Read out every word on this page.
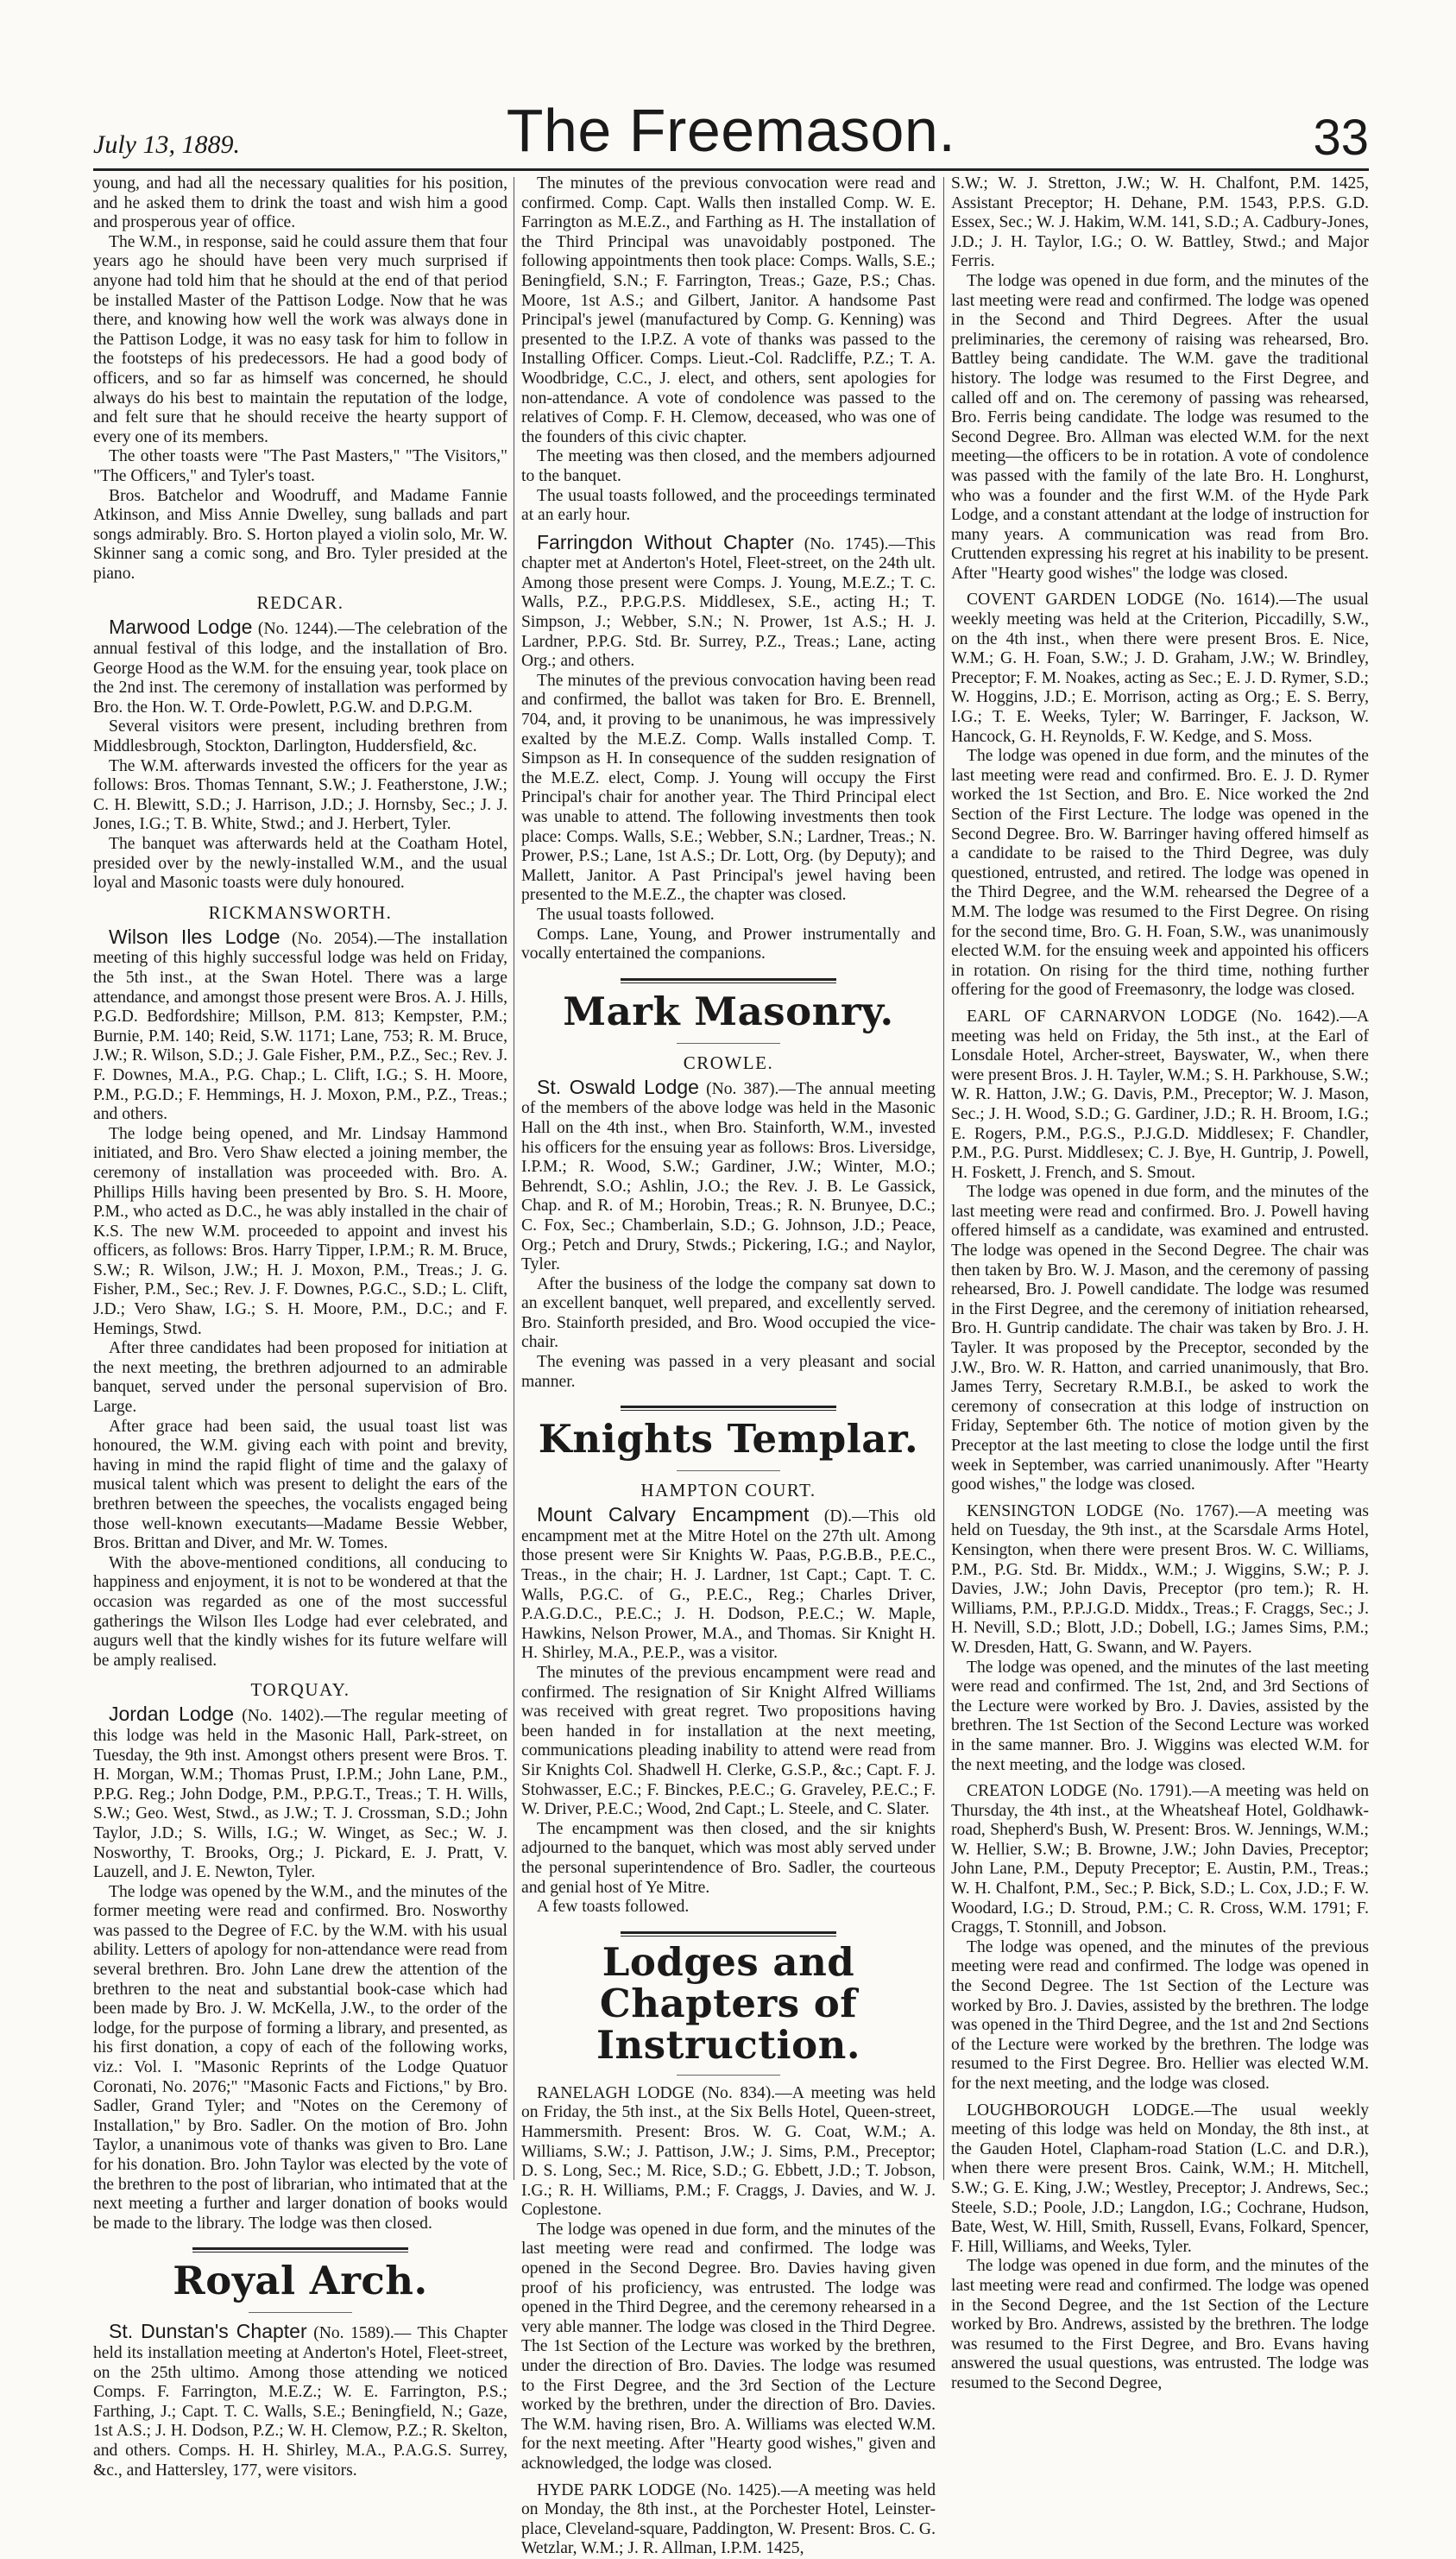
July 13, 1889.	The Freemason.	33

young, and had all the necessary qualities for his position, and he asked them to drink the toast and wish him a good and prosperous year of office.

The W.M., in response, said he could assure them that four years ago he should have been very much surprised if anyone had told him that he should at the end of that period be installed Master of the Pattison Lodge. Now that he was there, and knowing how well the work was always done in the Pattison Lodge, it was no easy task for him to follow in the footsteps of his predecessors. He had a good body of officers, and so far as himself was concerned, he should always do his best to maintain the reputation of the lodge, and felt sure that he should receive the hearty support of every one of its members.

The other toasts were "The Past Masters," "The Visitors," "The Officers," and Tyler's toast.

Bros. Batchelor and Woodruff, and Madame Fannie Atkinson, and Miss Annie Dwelley, sung ballads and part songs admirably. Bro. S. Horton played a violin solo, Mr. W. Skinner sang a comic song, and Bro. Tyler presided at the piano.

REDCAR.

Marwood Lodge (No. 1244).—The celebration of the annual festival of this lodge, and the installation of Bro. George Hood as the W.M. for the ensuing year, took place on the 2nd inst. The ceremony of installation was performed by Bro. the Hon. W. T. Orde-Powlett, P.G.W. and D.P.G.M.

Several visitors were present, including brethren from Middlesbrough, Stockton, Darlington, Huddersfield, &c.

The W.M. afterwards invested the officers for the year as follows: Bros. Thomas Tennant, S.W.; J. Featherstone, J.W.; C. H. Blewitt, S.D.; J. Harrison, J.D.; J. Hornsby, Sec.; J. J. Jones, I.G.; T. B. White, Stwd.; and J. Herbert, Tyler.

The banquet was afterwards held at the Coatham Hotel, presided over by the newly-installed W.M., and the usual loyal and Masonic toasts were duly honoured.

RICKMANSWORTH.

Wilson Iles Lodge (No. 2054).—The installation meeting of this highly successful lodge was held on Friday, the 5th inst., at the Swan Hotel. There was a large attendance, and amongst those present were Bros. A. J. Hills, P.G.D. Bedfordshire; Millson, P.M. 813; Kempster, P.M.; Burnie, P.M. 140; Reid, S.W. 1171; Lane, 753; R. M. Bruce, J.W.; R. Wilson, S.D.; J. Gale Fisher, P.M., P.Z., Sec.; Rev. J. F. Downes, M.A., P.G. Chap.; L. Clift, I.G.; S. H. Moore, P.M., P.G.D.; F. Hemmings, H. J. Moxon, P.M., P.Z., Treas.; and others.

The lodge being opened, and Mr. Lindsay Hammond initiated, and Bro. Vero Shaw elected a joining member, the ceremony of installation was proceeded with. Bro. A. Phillips Hills having been presented by Bro. S. H. Moore, P.M., who acted as D.C., he was ably installed in the chair of K.S. The new W.M. proceeded to appoint and invest his officers, as follows: Bros. Harry Tipper, I.P.M.; R. M. Bruce, S.W.; R. Wilson, J.W.; H. J. Moxon, P.M., Treas.; J. G. Fisher, P.M., Sec.; Rev. J. F. Downes, P.G.C., S.D.; L. Clift, J.D.; Vero Shaw, I.G.; S. H. Moore, P.M., D.C.; and F. Hemings, Stwd.

After three candidates had been proposed for initiation at the next meeting, the brethren adjourned to an admirable banquet, served under the personal supervision of Bro. Large.

After grace had been said, the usual toast list was honoured, the W.M. giving each with point and brevity, having in mind the rapid flight of time and the galaxy of musical talent which was present to delight the ears of the brethren between the speeches, the vocalists engaged being those well-known executants—Madame Bessie Webber, Bros. Brittan and Diver, and Mr. W. Tomes.

With the above-mentioned conditions, all conducing to happiness and enjoyment, it is not to be wondered at that the occasion was regarded as one of the most successful gatherings the Wilson Iles Lodge had ever celebrated, and augurs well that the kindly wishes for its future welfare will be amply realised.

TORQUAY.

Jordan Lodge (No. 1402).—The regular meeting of this lodge was held in the Masonic Hall, Park-street, on Tuesday, the 9th inst. Amongst others present were Bros. T. H. Morgan, W.M.; Thomas Prust, I.P.M.; John Lane, P.M., P.P.G. Reg.; John Dodge, P.M., P.P.G.T., Treas.; T. H. Wills, S.W.; Geo. West, Stwd., as J.W.; T. J. Crossman, S.D.; John Taylor, J.D.; S. Wills, I.G.; W. Winget, as Sec.; W. J. Nosworthy, T. Brooks, Org.; J. Pickard, E. J. Pratt, V. Lauzell, and J. E. Newton, Tyler.

The lodge was opened by the W.M., and the minutes of the former meeting were read and confirmed. Bro. Nosworthy was passed to the Degree of F.C. by the W.M. with his usual ability. Letters of apology for non-attendance were read from several brethren. Bro. John Lane drew the attention of the brethren to the neat and substantial book-case which had been made by Bro. J. W. McKella, J.W., to the order of the lodge, for the purpose of forming a library, and presented, as his first donation, a copy of each of the following works, viz.: Vol. I. "Masonic Reprints of the Lodge Quatuor Coronati, No. 2076;" "Masonic Facts and Fictions," by Bro. Sadler, Grand Tyler; and "Notes on the Ceremony of Installation," by Bro. Sadler. On the motion of Bro. John Taylor, a unanimous vote of thanks was given to Bro. Lane for his donation. Bro. John Taylor was elected by the vote of the brethren to the post of librarian, who intimated that at the next meeting a further and larger donation of books would be made to the library. The lodge was then closed.

Royal Arch.

St. Dunstan's Chapter (No. 1589).— This Chapter held its installation meeting at Anderton's Hotel, Fleet-street, on the 25th ultimo. Among those attending we noticed Comps. F. Farrington, M.E.Z.; W. E. Farrington, P.S.; Farthing, J.; Capt. T. C. Walls, S.E.; Beningfield, N.; Gaze, 1st A.S.; J. H. Dodson, P.Z.; W. H. Clemow, P.Z.; R. Skelton, and others. Comps. H. H. Shirley, M.A., P.A.G.S. Surrey, &c., and Hattersley, 177, were visitors.

The minutes of the previous convocation were read and confirmed. Comp. Capt. Walls then installed Comp. W. E. Farrington as M.E.Z., and Farthing as H. The installation of the Third Principal was unavoidably postponed. The following appointments then took place: Comps. Walls, S.E.; Beningfield, S.N.; F. Farrington, Treas.; Gaze, P.S.; Chas. Moore, 1st A.S.; and Gilbert, Janitor. A handsome Past Principal's jewel (manufactured by Comp. G. Kenning) was presented to the I.P.Z. A vote of thanks was passed to the Installing Officer. Comps. Lieut.-Col. Radcliffe, P.Z.; T. A. Woodbridge, C.C., J. elect, and others, sent apologies for non-attendance. A vote of condolence was passed to the relatives of Comp. F. H. Clemow, deceased, who was one of the founders of this civic chapter.

The meeting was then closed, and the members adjourned to the banquet.

The usual toasts followed, and the proceedings terminated at an early hour.

Farringdon Without Chapter (No. 1745).—This chapter met at Anderton's Hotel, Fleet-street, on the 24th ult. Among those present were Comps. J. Young, M.E.Z.; T. C. Walls, P.Z., P.P.G.P.S. Middlesex, S.E., acting H.; T. Simpson, J.; Webber, S.N.; N. Prower, 1st A.S.; H. J. Lardner, P.P.G. Std. Br. Surrey, P.Z., Treas.; Lane, acting Org.; and others.

The minutes of the previous convocation having been read and confirmed, the ballot was taken for Bro. E. Brennell, 704, and, it proving to be unanimous, he was impressively exalted by the M.E.Z. Comp. Walls installed Comp. T. Simpson as H. In consequence of the sudden resignation of the M.E.Z. elect, Comp. J. Young will occupy the First Principal's chair for another year. The Third Principal elect was unable to attend. The following investments then took place: Comps. Walls, S.E.; Webber, S.N.; Lardner, Treas.; N. Prower, P.S.; Lane, 1st A.S.; Dr. Lott, Org. (by Deputy); and Mallett, Janitor. A Past Principal's jewel having been presented to the M.E.Z., the chapter was closed.

The usual toasts followed.

Comps. Lane, Young, and Prower instrumentally and vocally entertained the companions.

Mark Masonry.
CROWLE.

St. Oswald Lodge (No. 387).—The annual meeting of the members of the above lodge was held in the Masonic Hall on the 4th inst., when Bro. Stainforth, W.M., invested his officers for the ensuing year as follows: Bros. Liversidge, I.P.M.; R. Wood, S.W.; Gardiner, J.W.; Winter, M.O.; Behrendt, S.O.; Ashlin, J.O.; the Rev. J. B. Le Gassick, Chap. and R. of M.; Horobin, Treas.; R. N. Brunyee, D.C.; C. Fox, Sec.; Chamberlain, S.D.; G. Johnson, J.D.; Peace, Org.; Petch and Drury, Stwds.; Pickering, I.G.; and Naylor, Tyler.

After the business of the lodge the company sat down to an excellent banquet, well prepared, and excellently served. Bro. Stainforth presided, and Bro. Wood occupied the vice-chair.

The evening was passed in a very pleasant and social manner.

Knights Templar.
HAMPTON COURT.

Mount Calvary Encampment (D).—This old encampment met at the Mitre Hotel on the 27th ult. Among those present were Sir Knights W. Paas, P.G.B.B., P.E.C., Treas., in the chair; H. J. Lardner, 1st Capt.; Capt. T. C. Walls, P.G.C. of G., P.E.C., Reg.; Charles Driver, P.A.G.D.C., P.E.C.; J. H. Dodson, P.E.C.; W. Maple, Hawkins, Nelson Prower, M.A., and Thomas. Sir Knight H. H. Shirley, M.A., P.E.P., was a visitor.

The minutes of the previous encampment were read and confirmed. The resignation of Sir Knight Alfred Williams was received with great regret. Two propositions having been handed in for installation at the next meeting, communications pleading inability to attend were read from Sir Knights Col. Shadwell H. Clerke, G.S.P., &c.; Capt. F. J. Stohwasser, E.C.; F. Binckes, P.E.C.; G. Graveley, P.E.C.; F. W. Driver, P.E.C.; Wood, 2nd Capt.; L. Steele, and C. Slater.

The encampment was then closed, and the sir knights adjourned to the banquet, which was most ably served under the personal superintendence of Bro. Sadler, the courteous and genial host of Ye Mitre.

A few toasts followed.

Lodges and Chapters of
Instruction.

RANELAGH LODGE (No. 834).—A meeting was held on Friday, the 5th inst., at the Six Bells Hotel, Queen-street, Hammersmith. Present: Bros. W. G. Coat, W.M.; A. Williams, S.W.; J. Pattison, J.W.; J. Sims, P.M., Preceptor; D. S. Long, Sec.; M. Rice, S.D.; G. Ebbett, J.D.; T. Jobson, I.G.; R. H. Williams, P.M.; F. Craggs, J. Davies, and W. J. Coplestone.

The lodge was opened in due form, and the minutes of the last meeting were read and confirmed. The lodge was opened in the Second Degree. Bro. Davies having given proof of his proficiency, was entrusted. The lodge was opened in the Third Degree, and the ceremony rehearsed in a very able manner. The lodge was closed in the Third Degree. The 1st Section of the Lecture was worked by the brethren, under the direction of Bro. Davies. The lodge was resumed to the First Degree, and the 3rd Section of the Lecture worked by the brethren, under the direction of Bro. Davies. The W.M. having risen, Bro. A. Williams was elected W.M. for the next meeting. After "Hearty good wishes," given and acknowledged, the lodge was closed.

HYDE PARK LODGE (No. 1425).—A meeting was held on Monday, the 8th inst., at the Porchester Hotel, Leinster-place, Cleveland-square, Paddington, W. Present: Bros. C. G. Wetzlar, W.M.; J. R. Allman, I.P.M. 1425,

S.W.; W. J. Stretton, J.W.; W. H. Chalfont, P.M. 1425, Assistant Preceptor; H. Dehane, P.M. 1543, P.P.S. G.D. Essex, Sec.; W. J. Hakim, W.M. 141, S.D.; A. Cadbury-Jones, J.D.; J. H. Taylor, I.G.; O. W. Battley, Stwd.; and Major Ferris.

The lodge was opened in due form, and the minutes of the last meeting were read and confirmed. The lodge was opened in the Second and Third Degrees. After the usual preliminaries, the ceremony of raising was rehearsed, Bro. Battley being candidate. The W.M. gave the traditional history. The lodge was resumed to the First Degree, and called off and on. The ceremony of passing was rehearsed, Bro. Ferris being candidate. The lodge was resumed to the Second Degree. Bro. Allman was elected W.M. for the next meeting—the officers to be in rotation. A vote of condolence was passed with the family of the late Bro. H. Longhurst, who was a founder and the first W.M. of the Hyde Park Lodge, and a constant attendant at the lodge of instruction for many years. A communication was read from Bro. Cruttenden expressing his regret at his inability to be present. After "Hearty good wishes" the lodge was closed.

COVENT GARDEN LODGE (No. 1614).—The usual weekly meeting was held at the Criterion, Piccadilly, S.W., on the 4th inst., when there were present Bros. E. Nice, W.M.; G. H. Foan, S.W.; J. D. Graham, J.W.; W. Brindley, Preceptor; F. M. Noakes, acting as Sec.; E. J. D. Rymer, S.D.; W. Hoggins, J.D.; E. Morrison, acting as Org.; E. S. Berry, I.G.; T. E. Weeks, Tyler; W. Barringer, F. Jackson, W. Hancock, G. H. Reynolds, F. W. Kedge, and S. Moss.

The lodge was opened in due form, and the minutes of the last meeting were read and confirmed. Bro. E. J. D. Rymer worked the 1st Section, and Bro. E. Nice worked the 2nd Section of the First Lecture. The lodge was opened in the Second Degree. Bro. W. Barringer having offered himself as a candidate to be raised to the Third Degree, was duly questioned, entrusted, and retired. The lodge was opened in the Third Degree, and the W.M. rehearsed the Degree of a M.M. The lodge was resumed to the First Degree. On rising for the second time, Bro. G. H. Foan, S.W., was unanimously elected W.M. for the ensuing week and appointed his officers in rotation. On rising for the third time, nothing further offering for the good of Freemasonry, the lodge was closed.

EARL OF CARNARVON LODGE (No. 1642).—A meeting was held on Friday, the 5th inst., at the Earl of Lonsdale Hotel, Archer-street, Bayswater, W., when there were present Bros. J. H. Tayler, W.M.; S. H. Parkhouse, S.W.; W. R. Hatton, J.W.; G. Davis, P.M., Preceptor; W. J. Mason, Sec.; J. H. Wood, S.D.; G. Gardiner, J.D.; R. H. Broom, I.G.; E. Rogers, P.M., P.G.S., P.J.G.D. Middlesex; F. Chandler, P.M., P.G. Purst. Middlesex; C. J. Bye, H. Guntrip, J. Powell, H. Foskett, J. French, and S. Smout.

The lodge was opened in due form, and the minutes of the last meeting were read and confirmed. Bro. J. Powell having offered himself as a candidate, was examined and entrusted. The lodge was opened in the Second Degree. The chair was then taken by Bro. W. J. Mason, and the ceremony of passing rehearsed, Bro. J. Powell candidate. The lodge was resumed in the First Degree, and the ceremony of initiation rehearsed, Bro. H. Guntrip candidate. The chair was taken by Bro. J. H. Tayler. It was proposed by the Preceptor, seconded by the J.W., Bro. W. R. Hatton, and carried unanimously, that Bro. James Terry, Secretary R.M.B.I., be asked to work the ceremony of consecration at this lodge of instruction on Friday, September 6th. The notice of motion given by the Preceptor at the last meeting to close the lodge until the first week in September, was carried unanimously. After "Hearty good wishes," the lodge was closed.

KENSINGTON LODGE (No. 1767).—A meeting was held on Tuesday, the 9th inst., at the Scarsdale Arms Hotel, Kensington, when there were present Bros. W. C. Williams, P.M., P.G. Std. Br. Middx., W.M.; J. Wiggins, S.W.; P. J. Davies, J.W.; John Davis, Preceptor (pro tem.); R. H. Williams, P.M., P.P.J.G.D. Middx., Treas.; F. Craggs, Sec.; J. H. Nevill, S.D.; Blott, J.D.; Dobell, I.G.; James Sims, P.M.; W. Dresden, Hatt, G. Swann, and W. Payers.

The lodge was opened, and the minutes of the last meeting were read and confirmed. The 1st, 2nd, and 3rd Sections of the Lecture were worked by Bro. J. Davies, assisted by the brethren. The 1st Section of the Second Lecture was worked in the same manner. Bro. J. Wiggins was elected W.M. for the next meeting, and the lodge was closed.

CREATON LODGE (No. 1791).—A meeting was held on Thursday, the 4th inst., at the Wheatsheaf Hotel, Goldhawk-road, Shepherd's Bush, W. Present: Bros. W. Jennings, W.M.; W. Hellier, S.W.; B. Browne, J.W.; John Davies, Preceptor; John Lane, P.M., Deputy Preceptor; E. Austin, P.M., Treas.; W. H. Chalfont, P.M., Sec.; P. Bick, S.D.; L. Cox, J.D.; F. W. Woodard, I.G.; D. Stroud, P.M.; C. R. Cross, W.M. 1791; F. Craggs, T. Stonnill, and Jobson.

The lodge was opened, and the minutes of the previous meeting were read and confirmed. The lodge was opened in the Second Degree. The 1st Section of the Lecture was worked by Bro. J. Davies, assisted by the brethren. The lodge was opened in the Third Degree, and the 1st and 2nd Sections of the Lecture were worked by the brethren. The lodge was resumed to the First Degree. Bro. Hellier was elected W.M. for the next meeting, and the lodge was closed.

LOUGHBOROUGH LODGE.—The usual weekly meeting of this lodge was held on Monday, the 8th inst., at the Gauden Hotel, Clapham-road Station (L.C. and D.R.), when there were present Bros. Caink, W.M.; H. Mitchell, S.W.; G. E. King, J.W.; Westley, Preceptor; J. Andrews, Sec.; Steele, S.D.; Poole, J.D.; Langdon, I.G.; Cochrane, Hudson, Bate, West, W. Hill, Smith, Russell, Evans, Folkard, Spencer, F. Hill, Williams, and Weeks, Tyler.

The lodge was opened in due form, and the minutes of the last meeting were read and confirmed. The lodge was opened in the Second Degree, and the 1st Section of the Lecture worked by Bro. Andrews, assisted by the brethren. The lodge was resumed to the First Degree, and Bro. Evans having answered the usual questions, was entrusted. The lodge was resumed to the Second Degree,
